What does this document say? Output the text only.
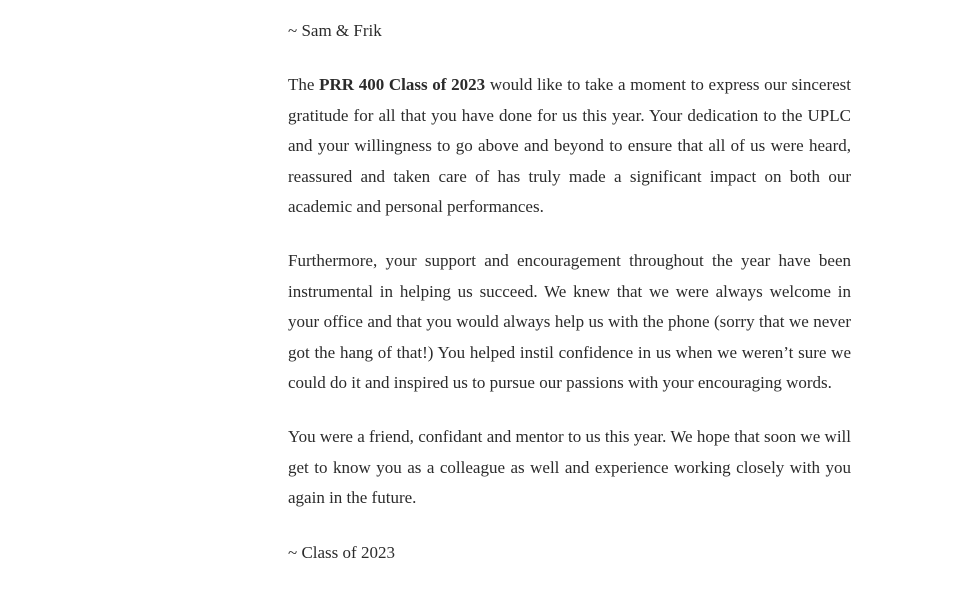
~ Sam & Frik

The PRR 400 Class of 2023 would like to take a moment to express our sincerest gratitude for all that you have done for us this year. Your dedication to the UPLC and your willingness to go above and beyond to ensure that all of us were heard, reassured and taken care of has truly made a significant impact on both our academic and personal performances.

Furthermore, your support and encouragement throughout the year have been instrumental in helping us succeed. We knew that we were always welcome in your office and that you would always help us with the phone (sorry that we never got the hang of that!) You helped instil confidence in us when we weren’t sure we could do it and inspired us to pursue our passions with your encouraging words.

You were a friend, confidant and mentor to us this year. We hope that soon we will get to know you as a colleague as well and experience working closely with you again in the future.

~ Class of 2023
